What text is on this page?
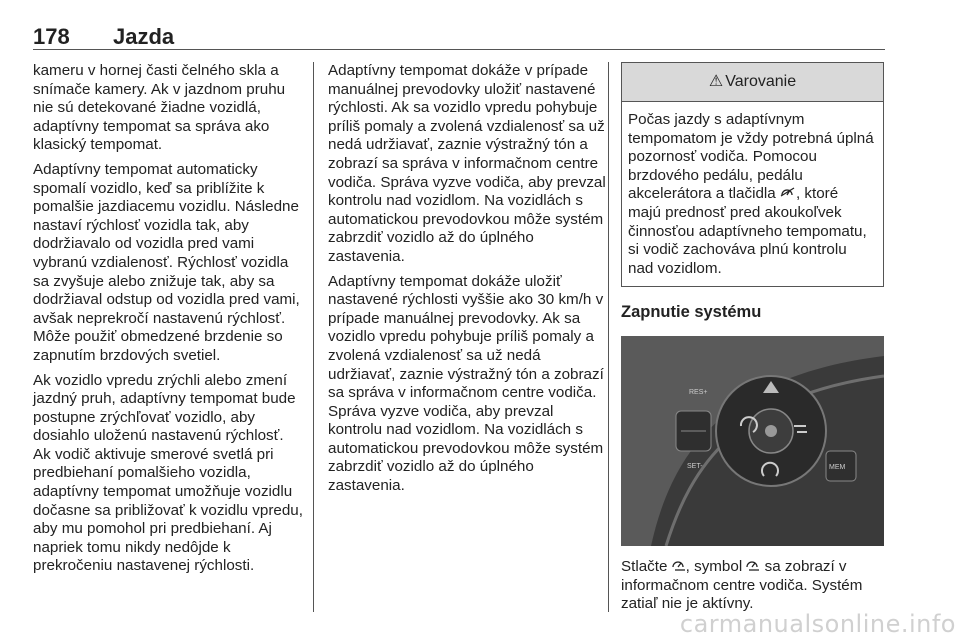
178 Jazda

kameru v hornej časti čelného skla a snímače kamery. Ak v jazdnom pruhu nie sú detekované žiadne vozidlá, adaptívny tempomat sa správa ako klasický tempomat.

Adaptívny tempomat automaticky spomalí vozidlo, keď sa priblížite k pomalšie jazdiacemu vozidlu. Následne nastaví rýchlosť vozidla tak, aby dodržiavalo od vozidla pred vami vybranú vzdialenosť. Rýchlosť vozidla sa zvyšuje alebo znižuje tak, aby sa dodržiaval odstup od vozidla pred vami, avšak neprekročí nastavenú rýchlosť. Môže použiť obmedzené brzdenie so zapnutím brzdových svetiel.

Ak vozidlo vpredu zrýchli alebo zmení jazdný pruh, adaptívny tempomat bude postupne zrýchľovať vozidlo, aby dosiahlo uloženú nastavenú rýchlosť. Ak vodič aktivuje smerové svetlá pri predbiehaní pomalšieho vozidla, adaptívny tempomat umožňuje vozidlu dočasne sa približovať k vozidlu vpredu, aby mu pomohol pri predbiehaní. Aj napriek tomu nikdy nedôjde k prekročeniu nastavenej rýchlosti.

Adaptívny tempomat dokáže v prípade manuálnej prevodovky uložiť nastavené rýchlosti. Ak sa vozidlo vpredu pohybuje príliš pomaly a zvolená vzdialenosť sa už nedá udržiavať, zaznie výstražný tón a zobrazí sa správa v informačnom centre vodiča. Správa vyzve vodiča, aby prevzal kontrolu nad vozidlom. Na vozidlách s automatickou prevodovkou môže systém zabrzdiť vozidlo až do úplného zastavenia.

Adaptívny tempomat dokáže uložiť nastavené rýchlosti vyššie ako 30 km/h v prípade manuálnej prevodovky. Ak sa vozidlo vpredu pohybuje príliš pomaly a zvolená vzdialenosť sa už nedá udržiavať, zaznie výstražný tón a zobrazí sa správa v informačnom centre vodiča. Správa vyzve vodiča, aby prevzal kontrolu nad vozidlom. Na vozidlách s automatickou prevodovkou môže systém zabrzdiť vozidlo až do úplného zastavenia.

⚠ Varovanie
Počas jazdy s adaptívnym tempomatom je vždy potrebná úplná pozornosť vodiča. Pomocou brzdového pedálu, pedálu akcelerátora a tlačidla , ktoré majú prednosť pred akoukoľvek činnosťou adaptívneho tempomatu, si vodič zachováva plnú kontrolu nad vozidlom.
Zapnutie systému
RES+
SET-	MEM
Stlačte , symbol  sa zobrazí v informačnom centre vodiča. Systém zatiaľ nie je aktívny.
carmanualsonline.info
